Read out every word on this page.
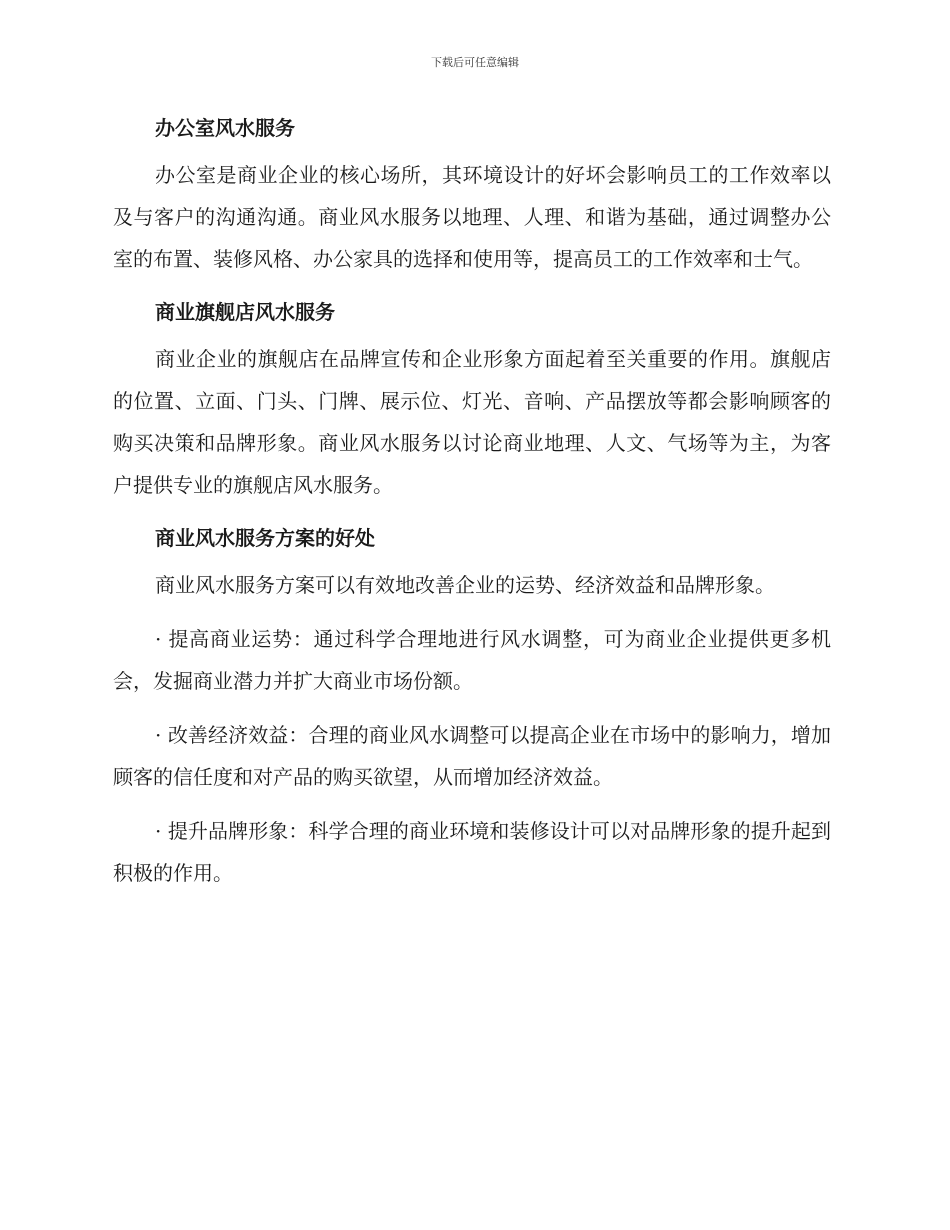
下载后可任意编辑
办公室风水服务

办公室是商业企业的核心场所，其环境设计的好坏会影响员工的工作效率以及与客户的沟通沟通。商业风水服务以地理、人理、和谐为基础，通过调整办公室的布置、装修风格、办公家具的选择和使用等，提高员工的工作效率和士气。

商业旗舰店风水服务

商业企业的旗舰店在品牌宣传和企业形象方面起着至关重要的作用。旗舰店的位置、立面、门头、门牌、展示位、灯光、音响、产品摆放等都会影响顾客的购买决策和品牌形象。商业风水服务以讨论商业地理、人文、气场等为主，为客户提供专业的旗舰店风水服务。

商业风水服务方案的好处

商业风水服务方案可以有效地改善企业的运势、经济效益和品牌形象。

· 提高商业运势：通过科学合理地进行风水调整，可为商业企业提供更多机会，发掘商业潜力并扩大商业市场份额。

· 改善经济效益：合理的商业风水调整可以提高企业在市场中的影响力，增加顾客的信任度和对产品的购买欲望，从而增加经济效益。

· 提升品牌形象：科学合理的商业环境和装修设计可以对品牌形象的提升起到积极的作用。
